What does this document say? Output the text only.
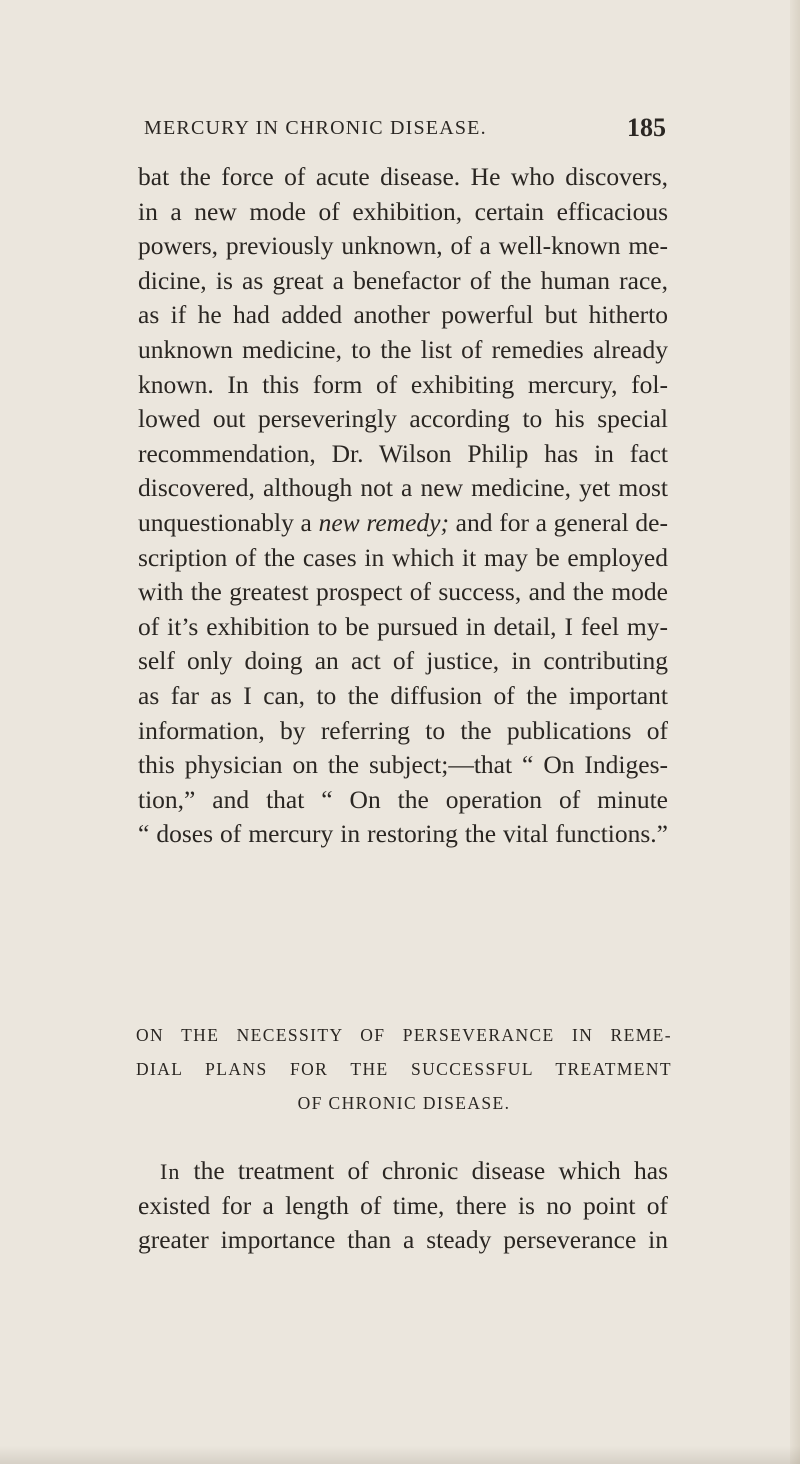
MERCURY IN CHRONIC DISEASE.	185
bat the force of acute disease. He who discovers,
in a new mode of exhibition, certain efficacious
powers, previously unknown, of a well-known me-
dicine, is as great a benefactor of the human race,
as if he had added another powerful but hitherto
unknown medicine, to the list of remedies already
known. In this form of exhibiting mercury, fol-
lowed out perseveringly according to his special
recommendation, Dr. Wilson Philip has in fact
discovered, although not a new medicine, yet most
unquestionably a new remedy; and for a general de-
scription of the cases in which it may be employed
with the greatest prospect of success, and the mode
of it’s exhibition to be pursued in detail, I feel my-
self only doing an act of justice, in contributing
as far as I can, to the diffusion of the important
information, by referring to the publications of
this physician on the subject;—that “ On Indiges-
tion,” and that “ On the operation of minute
“ doses of mercury in restoring the vital functions.”
ON THE NECESSITY OF PERSEVERANCE IN REME-
DIAL PLANS FOR THE SUCCESSFUL TREATMENT
OF CHRONIC DISEASE.
In the treatment of chronic disease which has
existed for a length of time, there is no point of
greater importance than a steady perseverance in
